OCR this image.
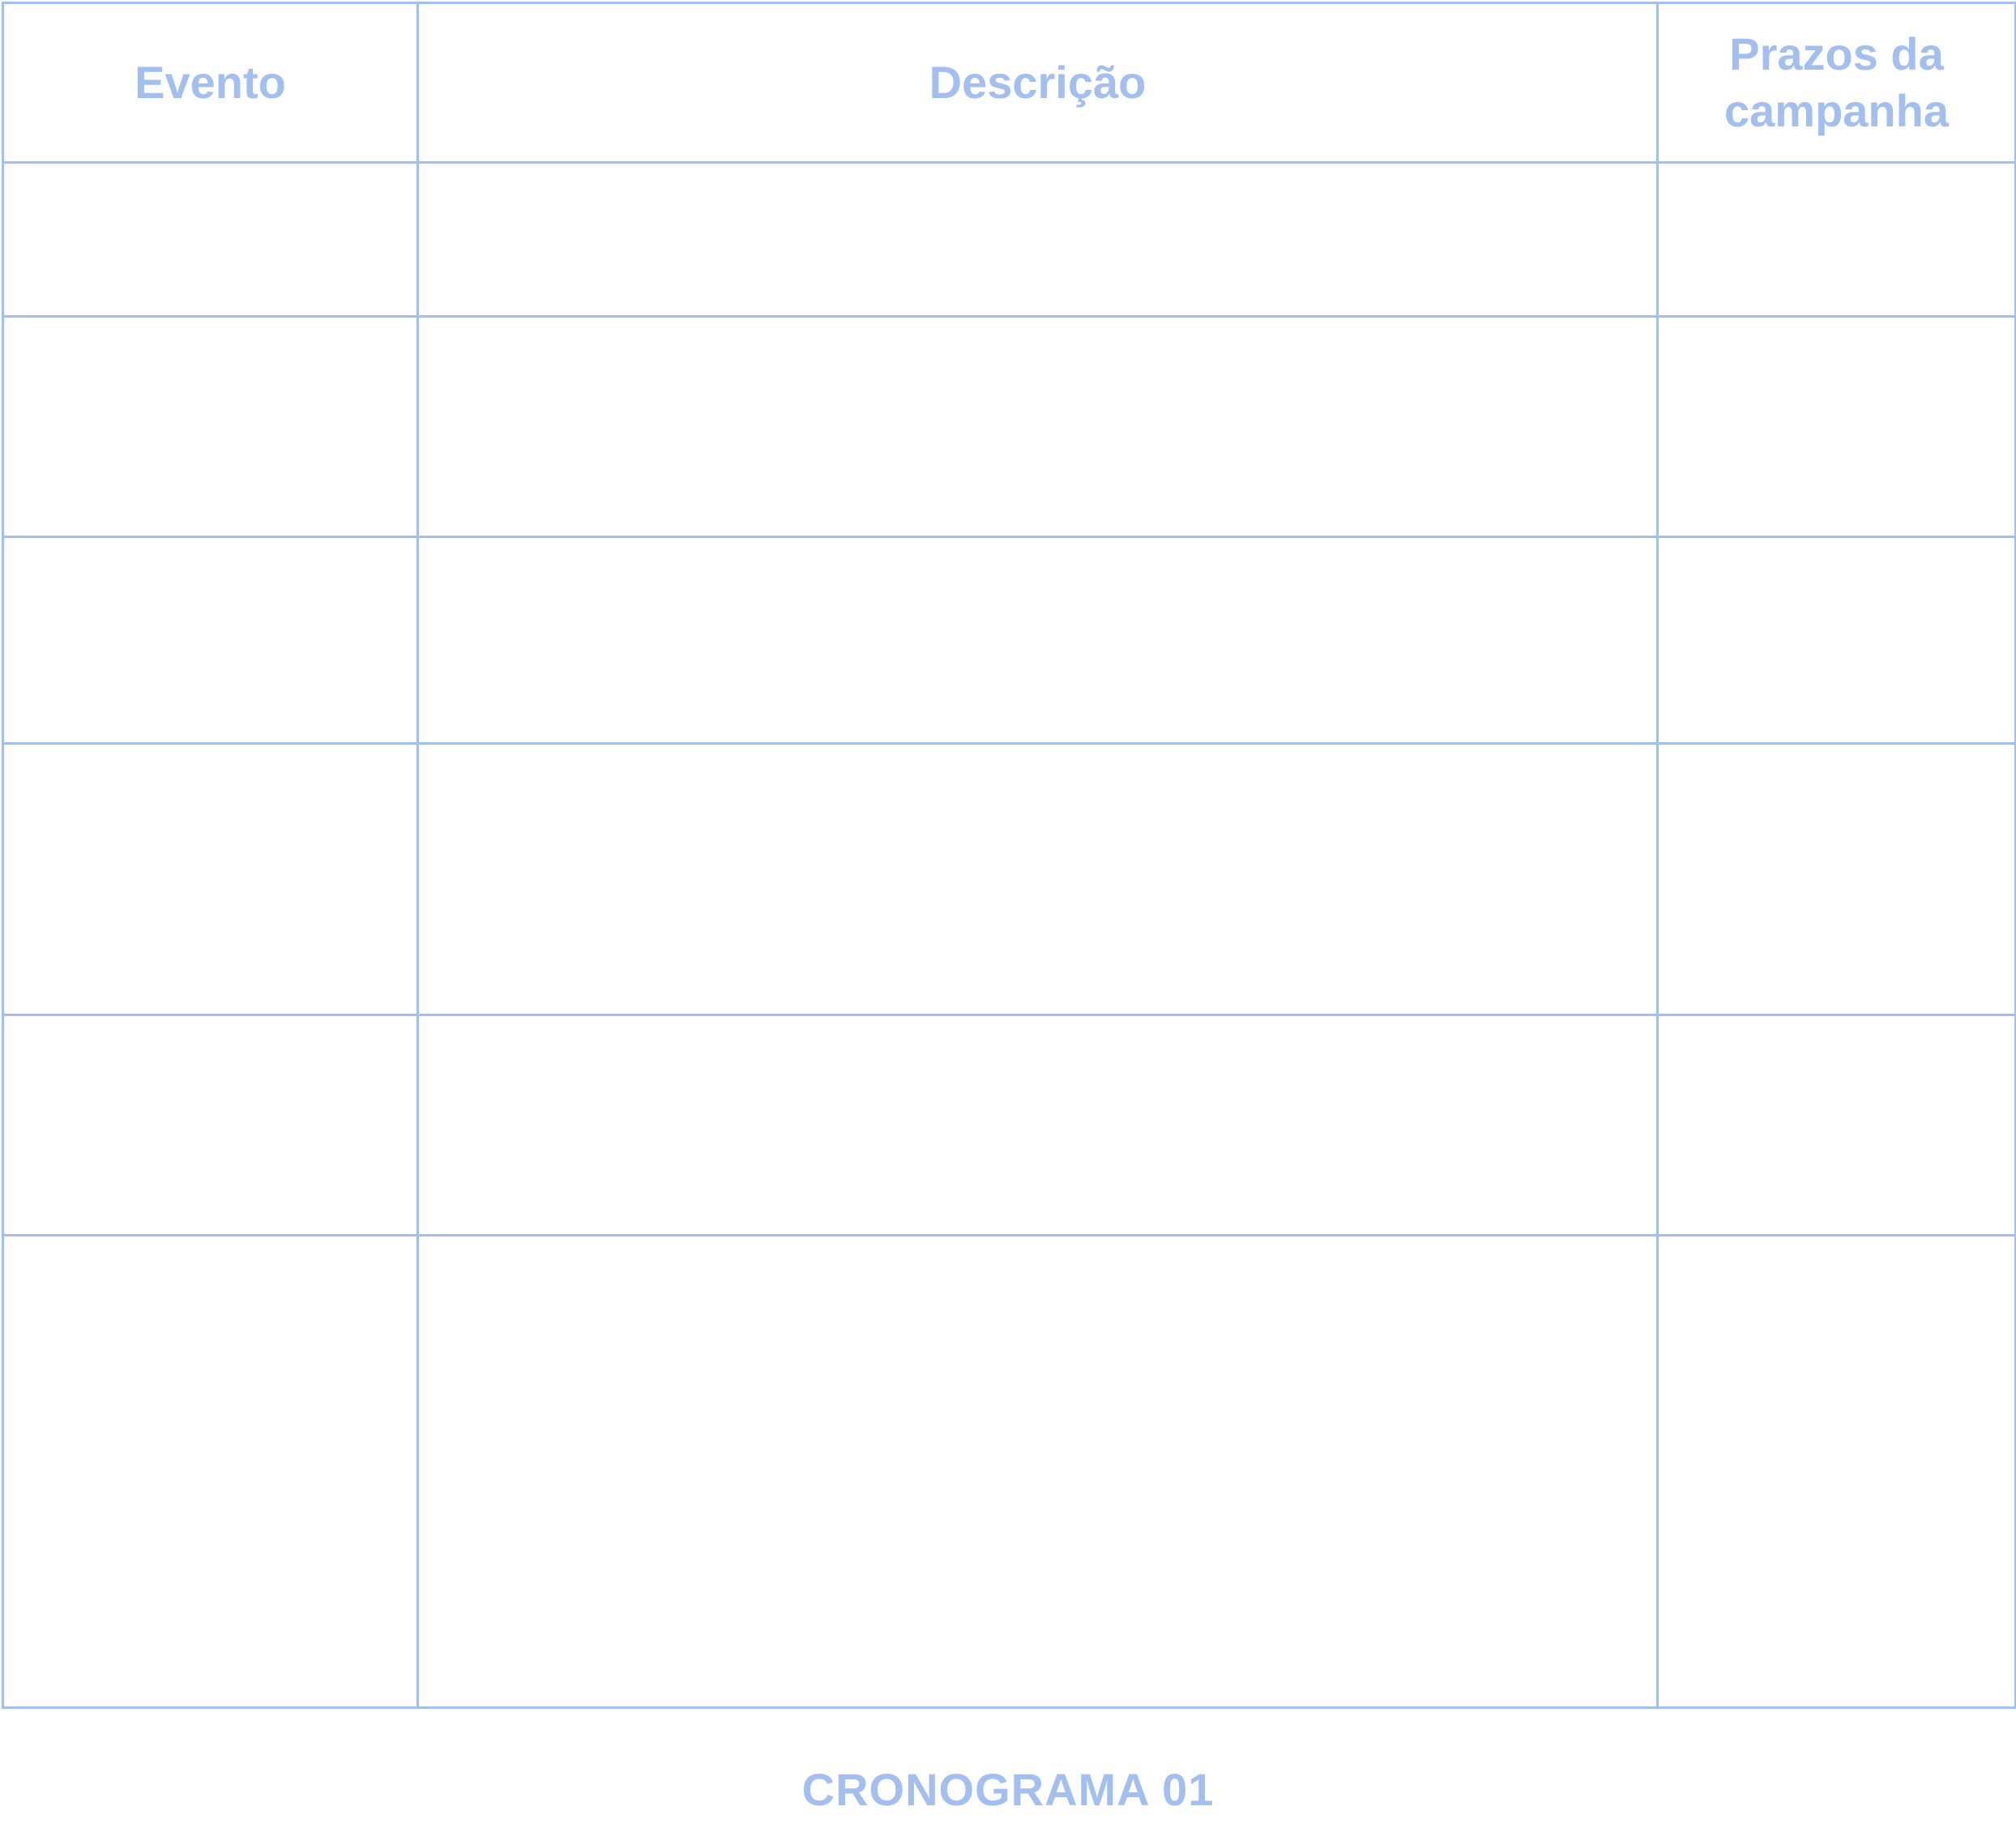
Evento	Descrição	Prazos da campanha

CRONOGRAMA 01
